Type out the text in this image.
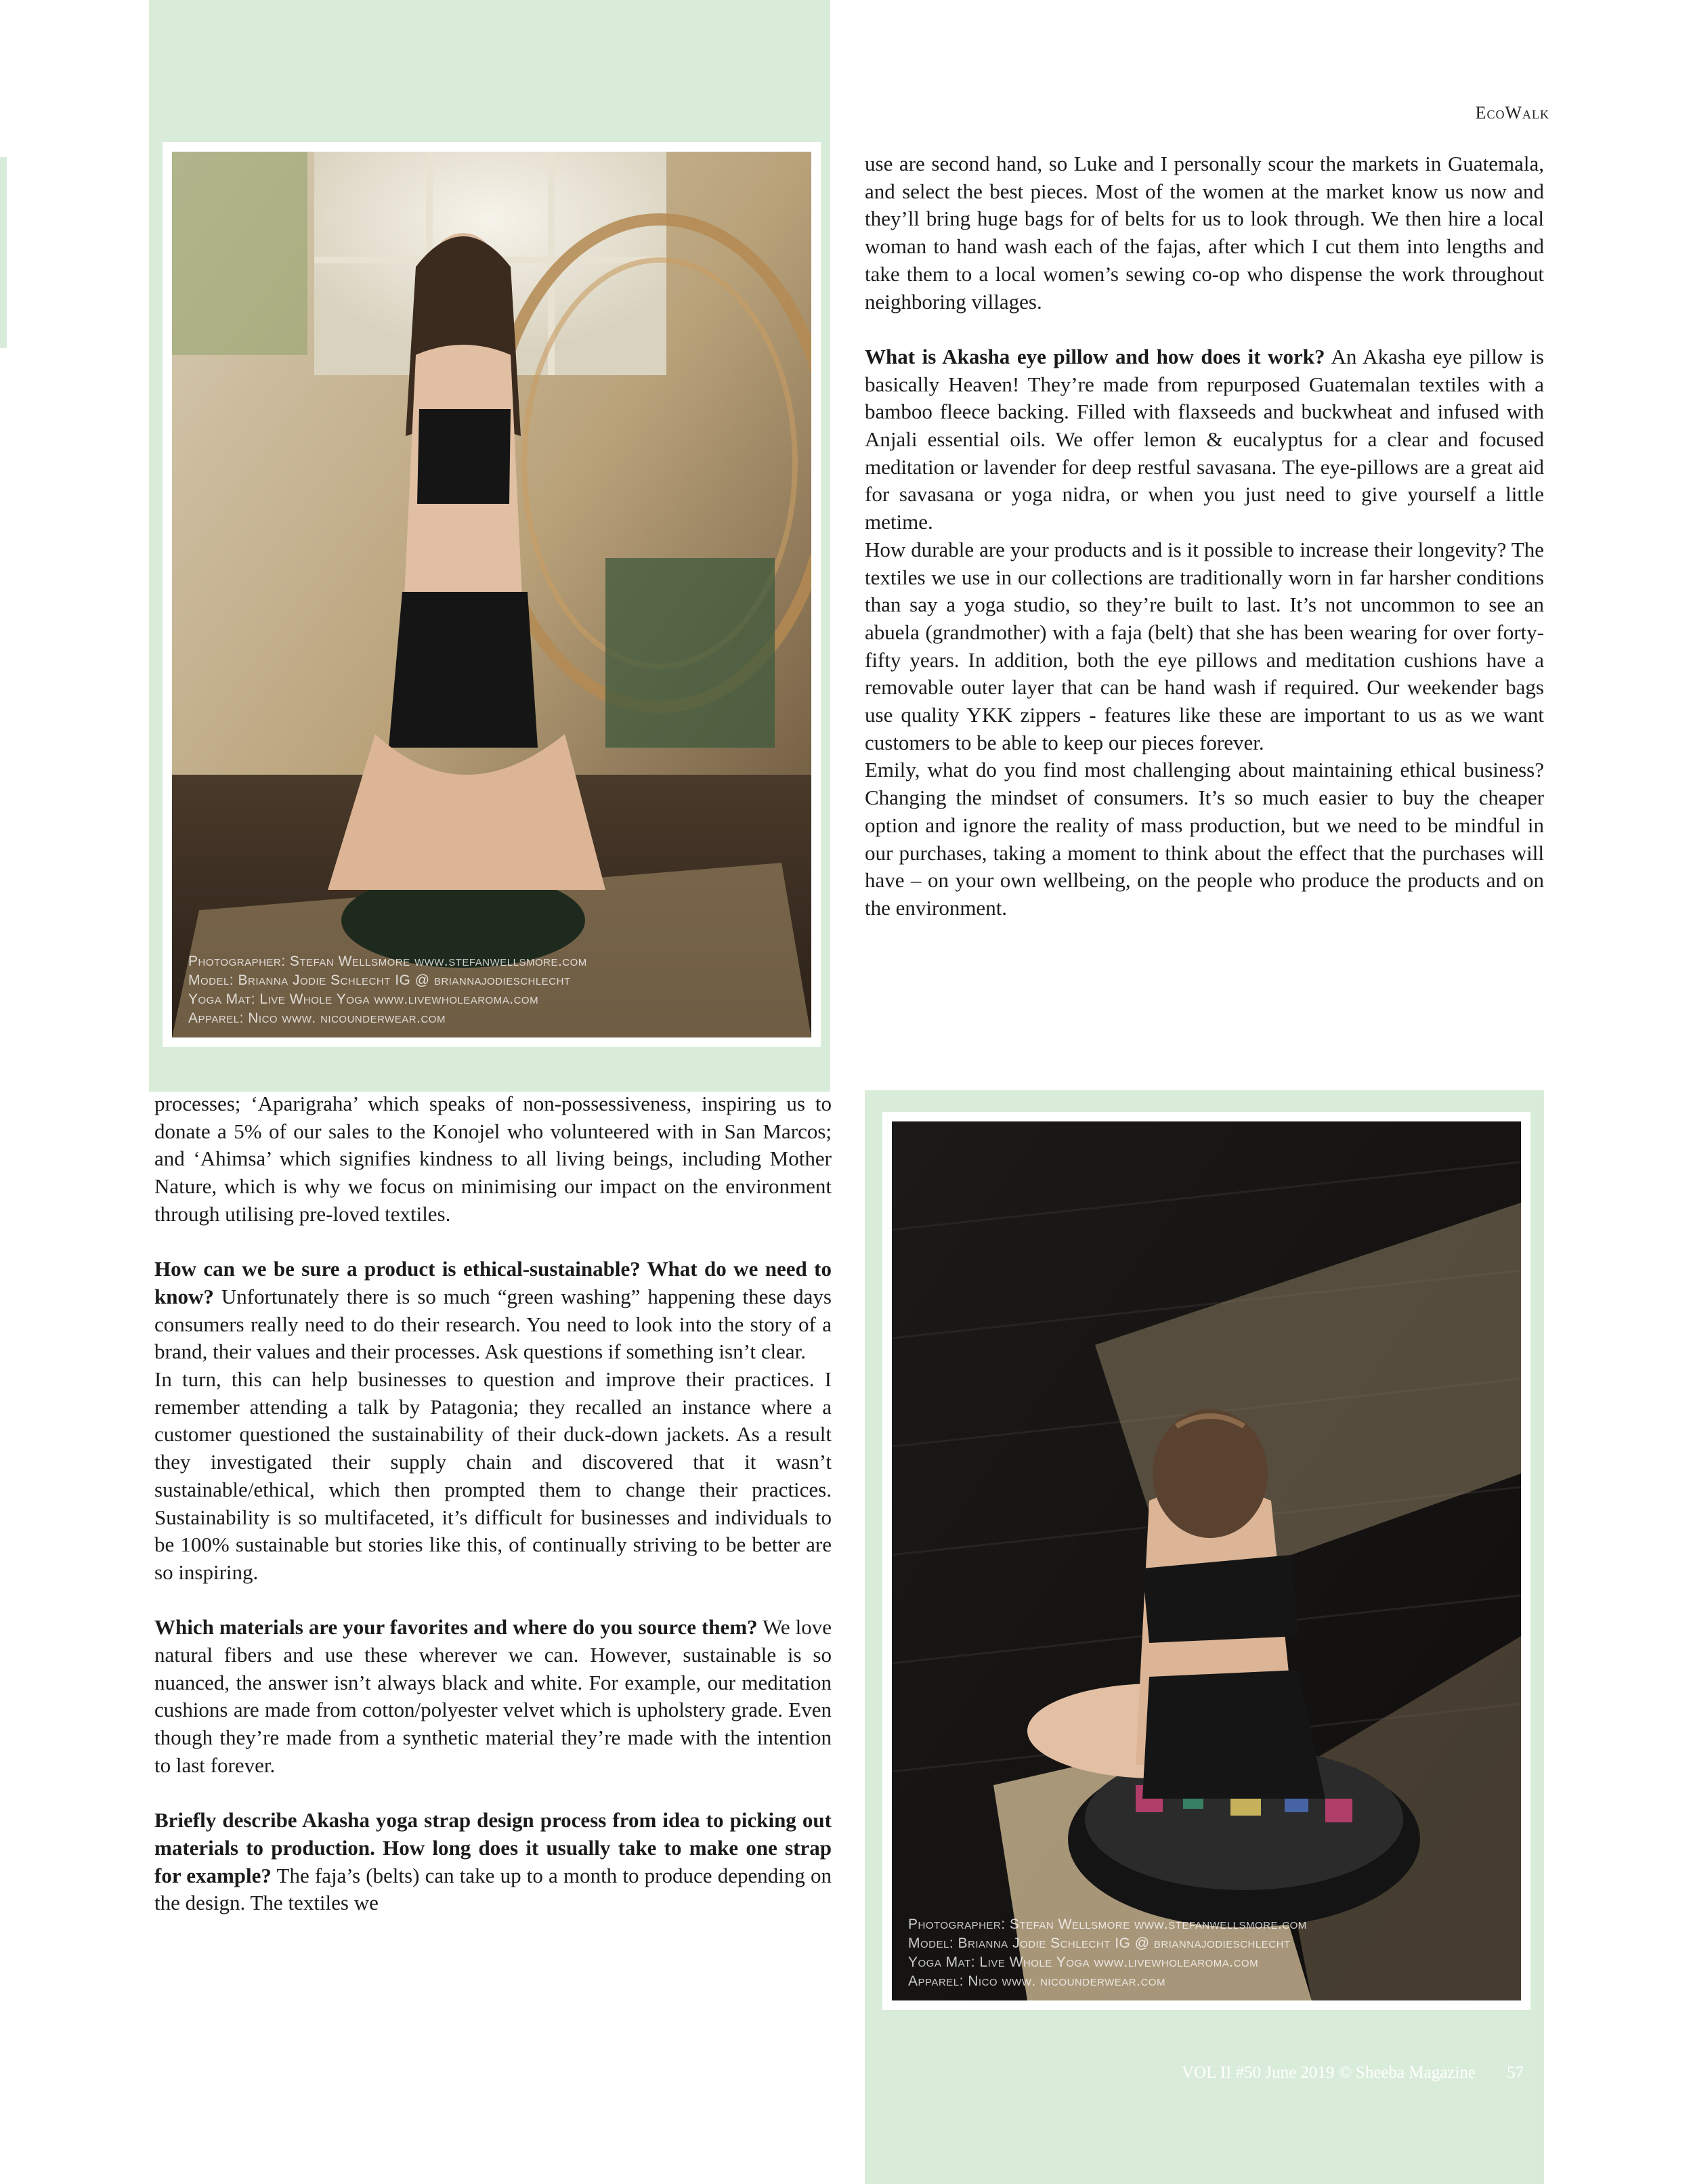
EcoWalk
Photographer: Stefan Wellsmore www.stefanwellsmore.com
Model: Brianna Jodie Schlecht IG @ briannajodieschlecht
Yoga Mat: Live Whole Yoga www.livewholearoma.com
Apparel: Nico www. nicounderwear.com
Photographer: Stefan Wellsmore www.stefanwellsmore.com
Model: Brianna Jodie Schlecht IG @ briannajodieschlecht
Yoga Mat: Live Whole Yoga www.livewholearoma.com
Apparel: Nico www. nicounderwear.com

use are second hand, so Luke and I personally scour the markets in Guatemala, and select the best pieces. Most of the women at the market know us now and they’ll bring huge bags for of belts for us to look through. We then hire a local woman to hand wash each of the fajas, after which I cut them into lengths and take them to a local women’s sewing co-op who dispense the work throughout neighboring villages.

What is Akasha eye pillow and how does it work? An Akasha eye pillow is basically Heaven! They’re made from repurposed Guatemalan textiles with a bamboo fleece backing. Filled with flaxseeds and buckwheat and infused with Anjali essential oils. We offer lemon & eucalyptus for a clear and focused meditation or lavender for deep restful savasana. The eye-pillows are a great aid for savasana or yoga nidra, or when you just need to give yourself a little metime.

How durable are your products and is it possible to increase their longevity? The textiles we use in our collections are traditionally worn in far harsher conditions than say a yoga studio, so they’re built to last. It’s not uncommon to see an abuela (grandmother) with a faja (belt) that she has been wearing for over forty-fifty years. In addition, both the eye pillows and meditation cushions have a removable outer layer that can be hand wash if required. Our weekender bags use quality YKK zippers - features like these are important to us as we want customers to be able to keep our pieces forever.

Emily, what do you find most challenging about maintaining ethical business? Changing the mindset of consumers. It’s so much easier to buy the cheaper option and ignore the reality of mass production, but we need to be mindful in our purchases, taking a moment to think about the effect that the purchases will have – on your own wellbeing, on the people who produce the products and on the environment.

processes; ‘Aparigraha’ which speaks of non-possessiveness, inspiring us to donate a 5% of our sales to the Konojel who volunteered with in San Marcos; and ‘Ahimsa’ which signifies kindness to all living beings, including Mother Nature, which is why we focus on minimising our impact on the environment through utilising pre-loved textiles.

How can we be sure a product is ethical-sustainable? What do we need to know? Unfortunately there is so much “green washing” happening these days consumers really need to do their research. You need to look into the story of a brand, their values and their processes. Ask questions if something isn’t clear.

In turn, this can help businesses to question and improve their practices. I remember attending a talk by Patagonia; they recalled an instance where a customer questioned the sustainability of their duck-down jackets. As a result they investigated their supply chain and discovered that it wasn’t sustainable/ethical, which then prompted them to change their practices. Sustainability is so multifaceted, it’s difficult for businesses and individuals to be 100% sustainable but stories like this, of continually striving to be better are so inspiring.

Which materials are your favorites and where do you source them? We love natural fibers and use these wherever we can. However, sustainable is so nuanced, the answer isn’t always black and white. For example, our meditation cushions are made from cotton/polyester velvet which is upholstery grade. Even though they’re made from a synthetic material they’re made with the intention to last forever.

Briefly describe Akasha yoga strap design process from idea to picking out materials to production. How long does it usually take to make one strap for example? The faja’s (belts) can take up to a month to produce depending on the design. The textiles we

VOL II #50 June 2019 © Sheeba Magazine 57
